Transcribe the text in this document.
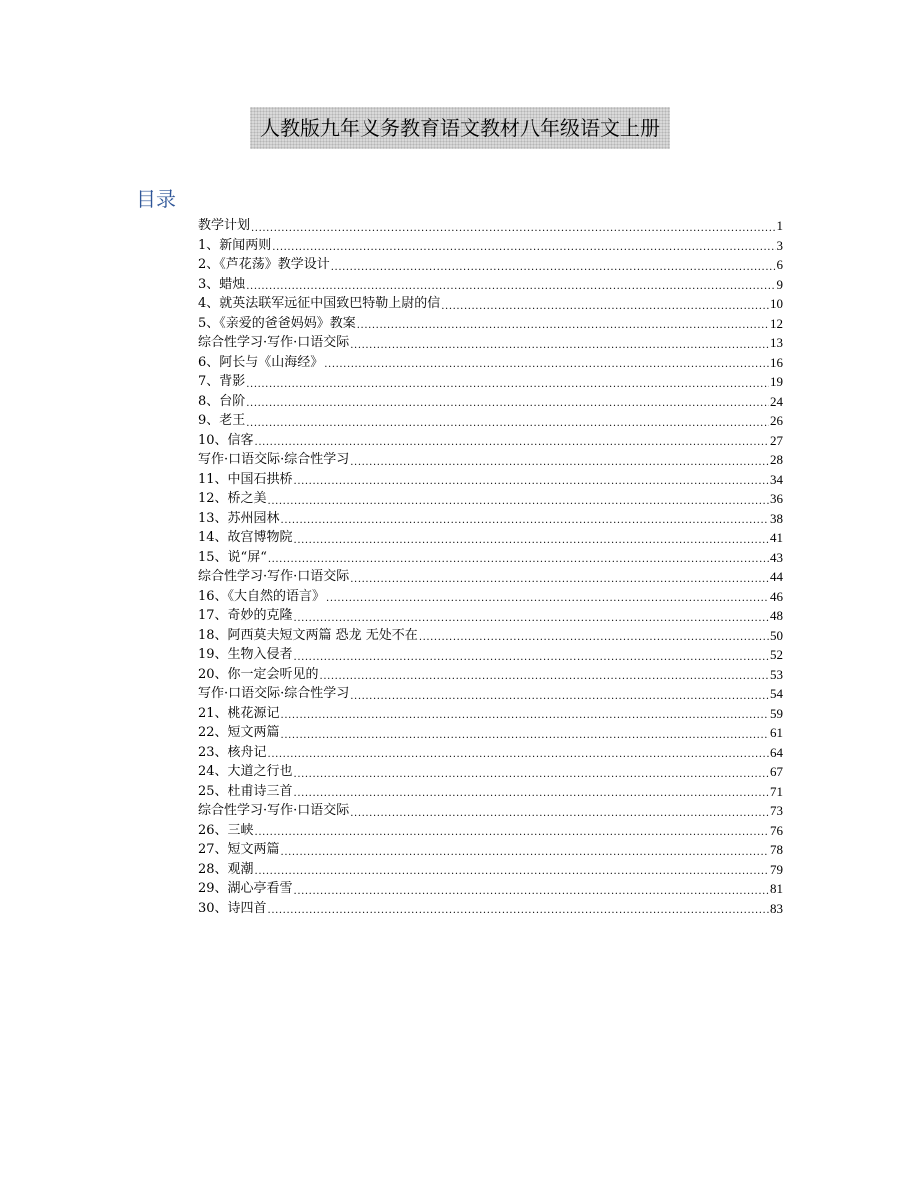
人教版九年义务教育语文教材八年级语文上册
目录
教学计划 .....	1
1、新闻两则 .....	3
2、《芦花荡》教学设计 .....	6
3、蜡烛 .....	9
4、就英法联军远征中国致巴特勒上尉的信 .....	10
5、《亲爱的爸爸妈妈》教案 .....	12
综合性学习·写作·口语交际 .....	13
6、阿长与《山海经》 .....	16
7、背影 .....	19
8、台阶 .....	24
9、老王 .....	26
10、信客 .....	27
写作·口语交际·综合性学习 .....	28
11、中国石拱桥 .....	34
12、桥之美 .....	36
13、苏州园林 .....	38
14、故宫博物院 .....	41
15、说“屏“ .....	43
综合性学习·写作·口语交际 .....	44
16、《大自然的语言》 .....	46
17、奇妙的克隆 .....	48
18、阿西莫夫短文两篇 恐龙 无处不在 .....	50
19、生物入侵者 .....	52
20、你一定会听见的 .....	53
写作·口语交际·综合性学习 .....	54
21、桃花源记 .....	59
22、短文两篇 .....	61
23、核舟记 .....	64
24、大道之行也 .....	67
25、杜甫诗三首 .....	71
综合性学习·写作·口语交际 .....	73
26、三峡 .....	76
27、短文两篇 .....	78
28、观潮 .....	79
29、湖心亭看雪 .....	81
30、诗四首 .....	83
